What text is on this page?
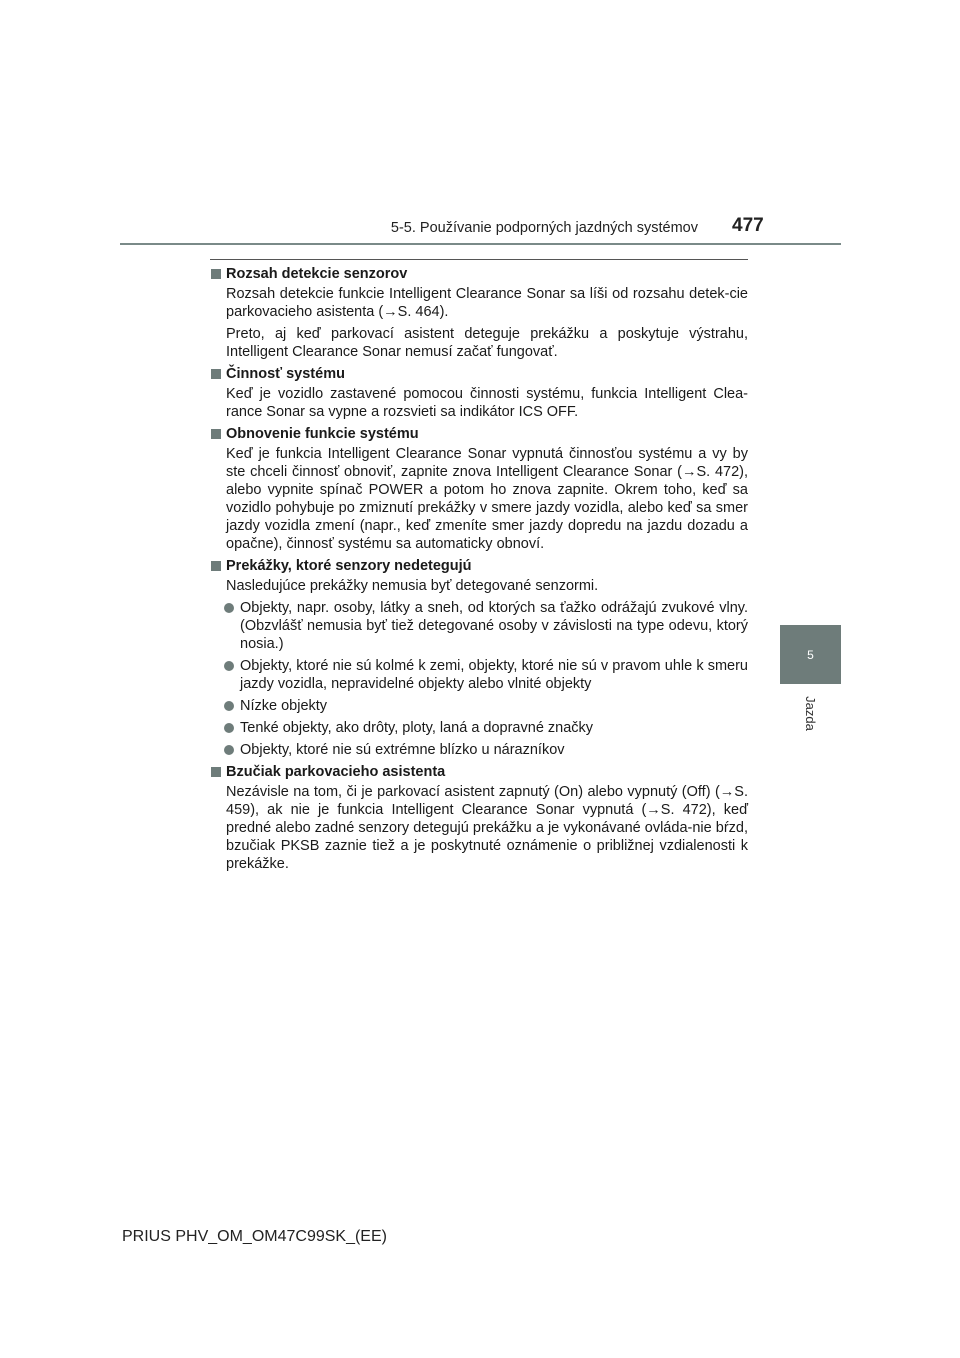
5-5. Používanie podporných jazdných systémov 477
5
Jazda
Rozsah detekcie senzorov
Rozsah detekcie funkcie Intelligent Clearance Sonar sa líši od rozsahu detek-cie parkovacieho asistenta (→S. 464).
Preto, aj keď parkovací asistent deteguje prekážku a poskytuje výstrahu, Intelligent Clearance Sonar nemusí začať fungovať.
Činnosť systému
Keď je vozidlo zastavené pomocou činnosti systému, funkcia Intelligent Clea-rance Sonar sa vypne a rozsvieti sa indikátor ICS OFF.
Obnovenie funkcie systému
Keď je funkcia Intelligent Clearance Sonar vypnutá činnosťou systému a vy by ste chceli činnosť obnoviť, zapnite znova Intelligent Clearance Sonar (→S. 472), alebo vypnite spínač POWER a potom ho znova zapnite. Okrem toho, keď sa vozidlo pohybuje po zmiznutí prekážky v smere jazdy vozidla, alebo keď sa smer jazdy vozidla zmení (napr., keď zmeníte smer jazdy dopredu na jazdu dozadu a opačne), činnosť systému sa automaticky obnoví.
Prekážky, ktoré senzory nedetegujú
Nasledujúce prekážky nemusia byť detegované senzormi.
Objekty, napr. osoby, látky a sneh, od ktorých sa ťažko odrážajú zvukové vlny. (Obzvlášť nemusia byť tiež detegované osoby v závislosti na type odevu, ktorý nosia.)
Objekty, ktoré nie sú kolmé k zemi, objekty, ktoré nie sú v pravom uhle k smeru jazdy vozidla, nepravidelné objekty alebo vlnité objekty
Nízke objekty
Tenké objekty, ako drôty, ploty, laná a dopravné značky
Objekty, ktoré nie sú extrémne blízko u nárazníkov
Bzučiak parkovacieho asistenta
Nezávisle na tom, či je parkovací asistent zapnutý (On) alebo vypnutý (Off) (→S. 459), ak nie je funkcia Intelligent Clearance Sonar vypnutá (→S. 472), keď predné alebo zadné senzory detegujú prekážku a je vykonávané ovláda-nie bŕzd, bzučiak PKSB zaznie tiež a je poskytnuté oznámenie o približnej vzdialenosti k prekážke.
PRIUS PHV_OM_OM47C99SK_(EE)
